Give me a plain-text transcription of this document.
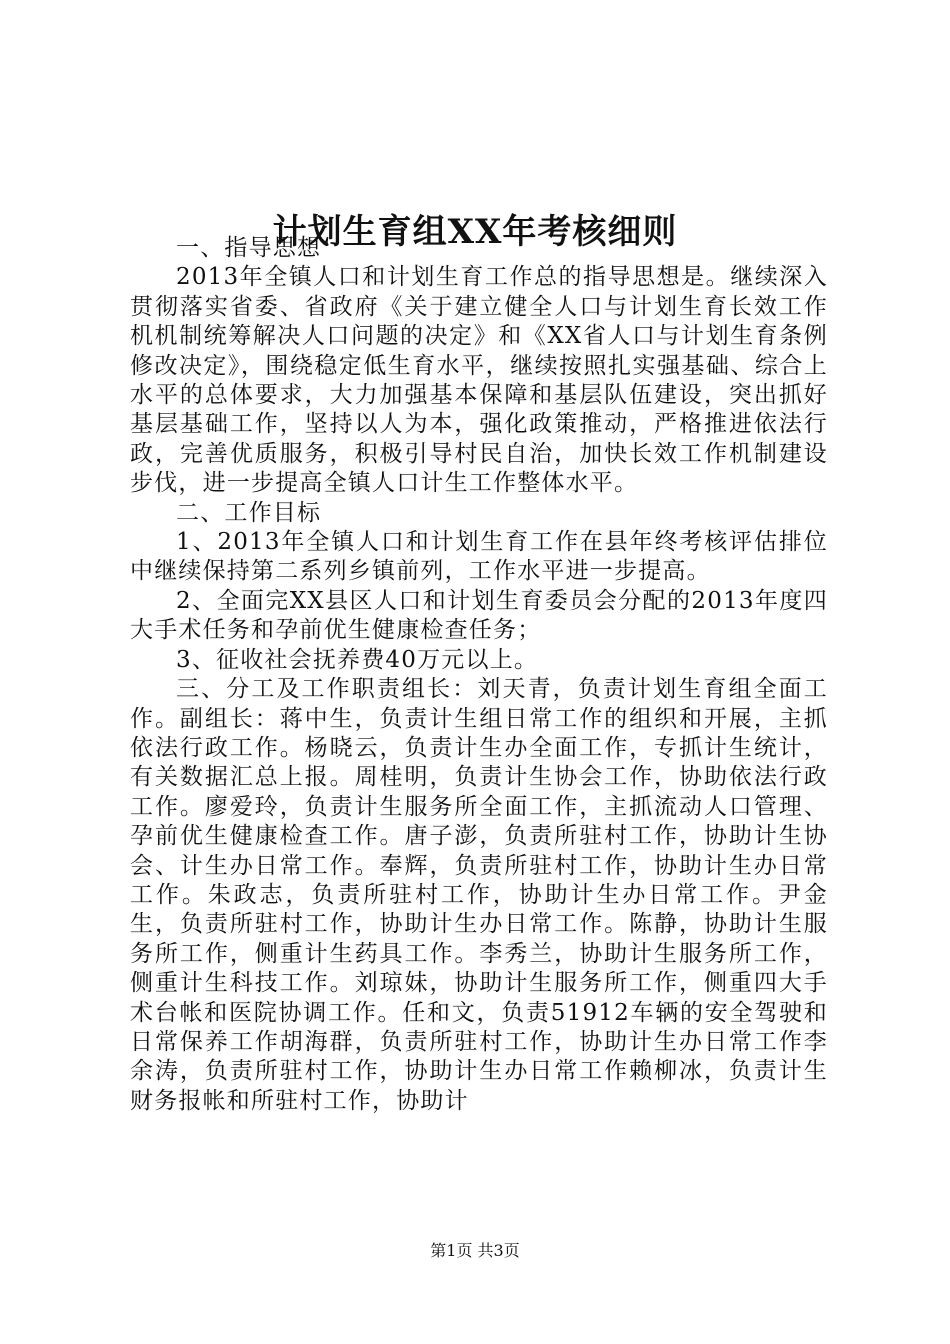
计划生育组XX年考核细则

一、指导思想

2013年全镇人口和计划生育工作总的指导思想是。继续深入贯彻落实省委、省政府《关于建立健全人口与计划生育长效工作机机制统筹解决人口问题的决定》和《XX省人口与计划生育条例修改决定》，围绕稳定低生育水平，继续按照扎实强基础、综合上水平的总体要求，大力加强基本保障和基层队伍建设，突出抓好基层基础工作，坚持以人为本，强化政策推动，严格推进依法行政，完善优质服务，积极引导村民自治，加快长效工作机制建设步伐，进一步提高全镇人口计生工作整体水平。

二、工作目标

1、2013年全镇人口和计划生育工作在县年终考核评估排位中继续保持第二系列乡镇前列，工作水平进一步提高。

2、全面完XX县区人口和计划生育委员会分配的2013年度四大手术任务和孕前优生健康检查任务；

3、征收社会抚养费40万元以上。

三、分工及工作职责组长：刘天青，负责计划生育组全面工作。副组长：蒋中生，负责计生组日常工作的组织和开展，主抓依法行政工作。杨晓云，负责计生办全面工作，专抓计生统计，有关数据汇总上报。周桂明，负责计生协会工作，协助依法行政工作。廖爱玲，负责计生服务所全面工作，主抓流动人口管理、孕前优生健康检查工作。唐子澎，负责所驻村工作，协助计生协会、计生办日常工作。奉辉，负责所驻村工作，协助计生办日常工作。朱政志，负责所驻村工作，协助计生办日常工作。尹金生，负责所驻村工作，协助计生办日常工作。陈静，协助计生服务所工作，侧重计生药具工作。李秀兰，协助计生服务所工作，侧重计生科技工作。刘琼妹，协助计生服务所工作，侧重四大手术台帐和医院协调工作。任和文，负责51912车辆的安全驾驶和日常保养工作胡海群，负责所驻村工作，协助计生办日常工作李余涛，负责所驻村工作，协助计生办日常工作赖柳冰，负责计生财务报帐和所驻村工作，协助计

第1页 共3页
